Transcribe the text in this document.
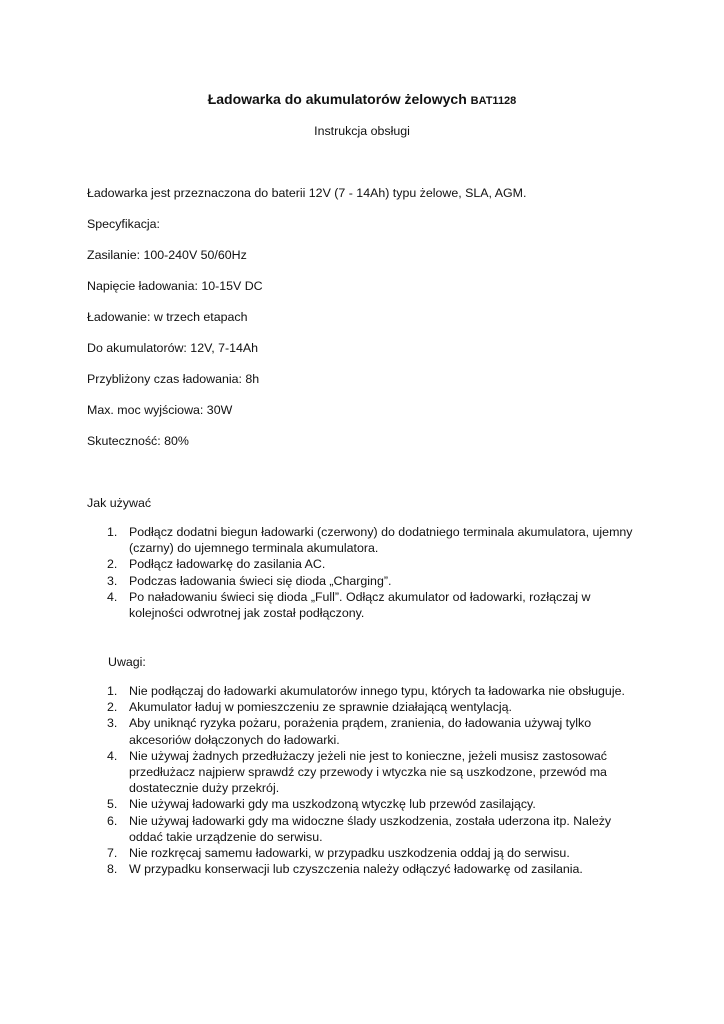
Ładowarka do akumulatorów żelowych BAT1128

Instrukcja obsługi

Ładowarka jest przeznaczona do baterii 12V (7 - 14Ah) typu żelowe, SLA, AGM.

Specyfikacja:

Zasilanie: 100-240V 50/60Hz

Napięcie ładowania: 10-15V DC

Ładowanie: w trzech etapach

Do akumulatorów: 12V, 7-14Ah

Przybliżony czas ładowania: 8h

Max. moc wyjściowa: 30W

Skuteczność: 80%

Jak używać

1. Podłącz dodatni biegun ładowarki (czerwony) do dodatniego terminala akumulatora, ujemny (czarny) do ujemnego terminala akumulatora.
2. Podłącz ładowarkę do zasilania AC.
3. Podczas ładowania świeci się dioda „Charging”.
4. Po naładowaniu świeci się dioda „Full”. Odłącz akumulator od ładowarki, rozłączaj w kolejności odwrotnej jak został podłączony.

Uwagi:

1. Nie podłączaj do ładowarki akumulatorów innego typu, których ta ładowarka nie obsługuje.
2. Akumulator ładuj w pomieszczeniu ze sprawnie działającą wentylacją.
3. Aby uniknąć ryzyka pożaru, porażenia prądem, zranienia, do ładowania używaj tylko akcesoriów dołączonych do ładowarki.
4. Nie używaj żadnych przedłużaczy jeżeli nie jest to konieczne, jeżeli musisz zastosować przedłużacz najpierw sprawdź czy przewody i wtyczka nie są uszkodzone, przewód ma dostatecznie duży przekrój.
5. Nie używaj ładowarki gdy ma uszkodzoną wtyczkę lub przewód zasilający.
6. Nie używaj ładowarki gdy ma widoczne ślady uszkodzenia, została uderzona itp. Należy oddać takie urządzenie do serwisu.
7. Nie rozkręcaj samemu ładowarki, w przypadku uszkodzenia oddaj ją do serwisu.
8. W przypadku konserwacji lub czyszczenia należy odłączyć ładowarkę od zasilania.
